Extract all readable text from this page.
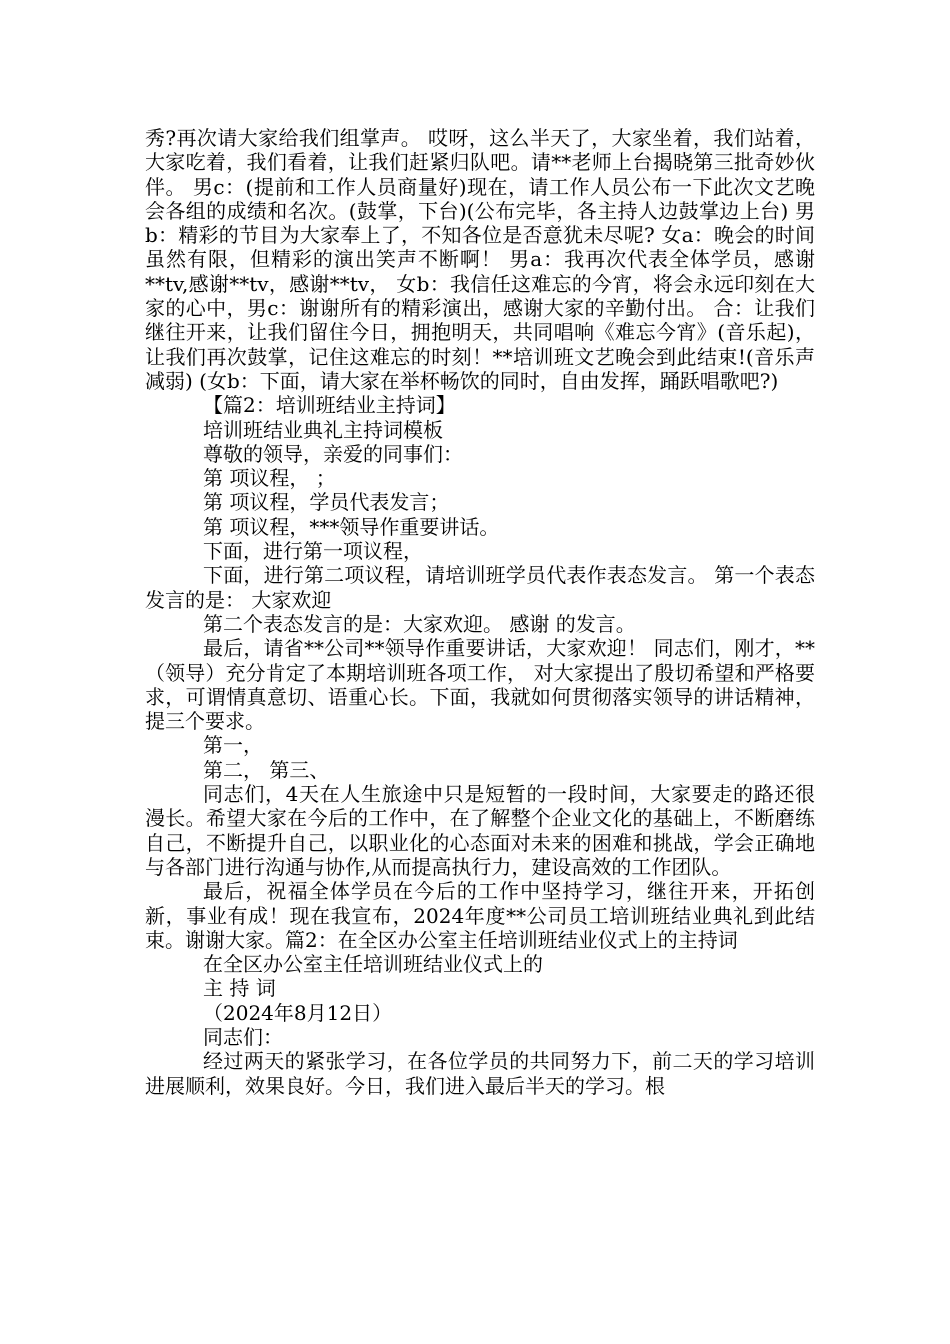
秀?再次请大家给我们组掌声。 哎呀，这么半天了，大家坐着，我们站着，大家吃着，我们看着，让我们赶紧归队吧。请**老师上台揭晓第三批奇妙伙伴。 男c：(提前和工作人员商量好)现在，请工作人员公布一下此次文艺晚会各组的成绩和名次。(鼓掌，下台)(公布完毕，各主持人边鼓掌边上台) 男b：精彩的节目为大家奉上了，不知各位是否意犹未尽呢? 女a：晚会的时间虽然有限，但精彩的演出笑声不断啊！ 男a：我再次代表全体学员，感谢**tv,感谢**tv，感谢**tv， 女b：我信任这难忘的今宵，将会永远印刻在大家的心中，男c：谢谢所有的精彩演出，感谢大家的辛勤付出。 合：让我们继往开来，让我们留住今日，拥抱明天，共同唱响《难忘今宵》(音乐起)，让我们再次鼓掌，记住这难忘的时刻！**培训班文艺晚会到此结束!(音乐声减弱) (女b：下面，请大家在举杯畅饮的同时，自由发挥，踊跃唱歌吧?)

【篇2：培训班结业主持词】

培训班结业典礼主持词模板

尊敬的领导，亲爱的同事们：

第 项议程， ；

第 项议程，学员代表发言；

第 项议程，***领导作重要讲话。

下面，进行第一项议程，

下面，进行第二项议程，请培训班学员代表作表态发言。 第一个表态发言的是： 大家欢迎

第二个表态发言的是：大家欢迎。 感谢 的发言。

最后，请省**公司**领导作重要讲话，大家欢迎！ 同志们，刚才，**（领导）充分肯定了本期培训班各项工作， 对大家提出了殷切希望和严格要求，可谓情真意切、语重心长。下面，我就如何贯彻落实领导的讲话精神，提三个要求。

第一，

第二， 第三、

同志们，4天在人生旅途中只是短暂的一段时间，大家要走的路还很漫长。希望大家在今后的工作中，在了解整个企业文化的基础上，不断磨练自己，不断提升自己，以职业化的心态面对未来的困难和挑战，学会正确地与各部门进行沟通与协作,从而提高执行力，建设高效的工作团队。

最后，祝福全体学员在今后的工作中坚持学习，继往开来，开拓创新，事业有成！现在我宣布，2024年度**公司员工培训班结业典礼到此结束。谢谢大家。篇2：在全区办公室主任培训班结业仪式上的主持词

在全区办公室主任培训班结业仪式上的

主 持 词

（2024年8月12日）

同志们：

经过两天的紧张学习，在各位学员的共同努力下，前二天的学习培训进展顺利，效果良好。今日，我们进入最后半天的学习。根
